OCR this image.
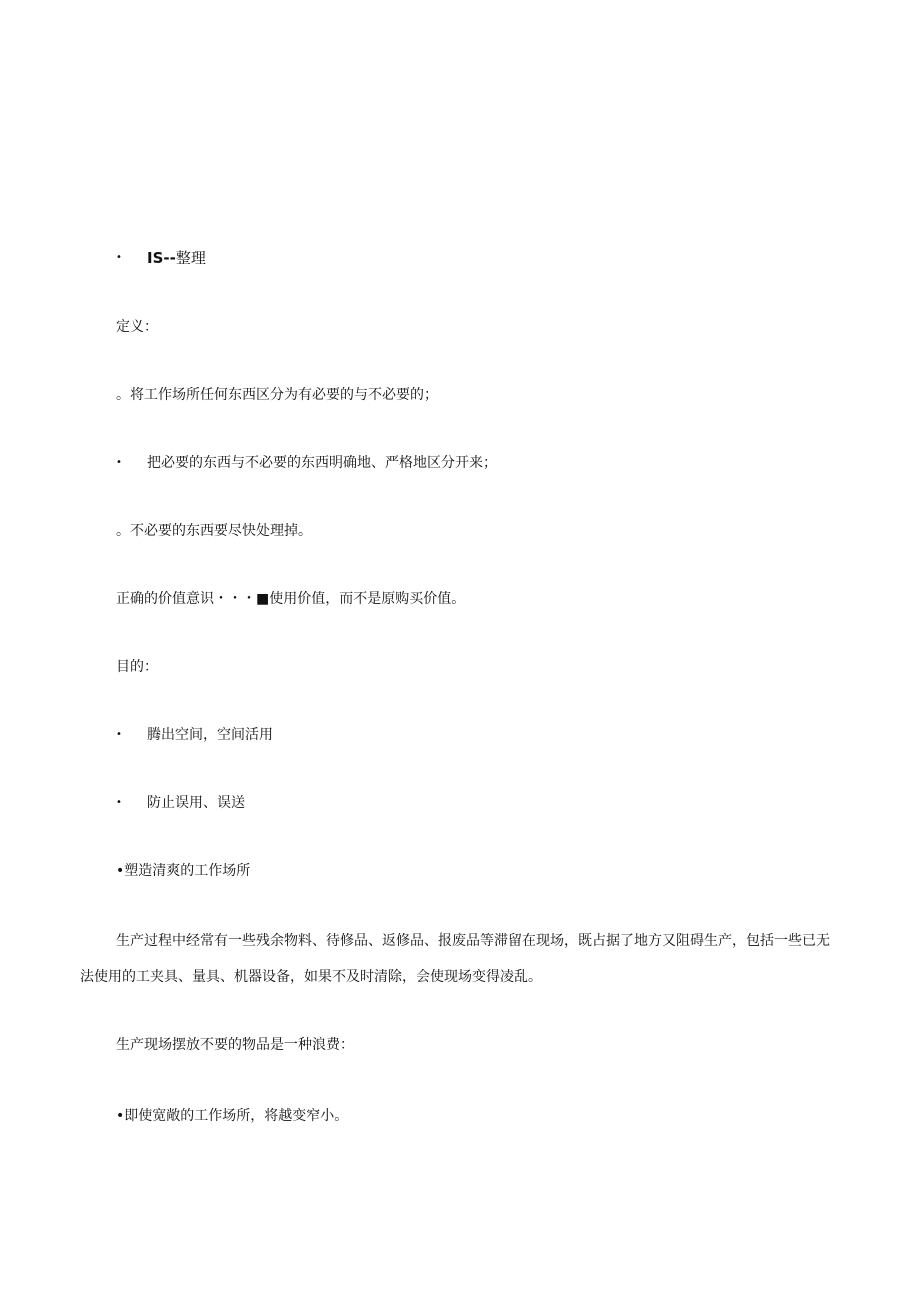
• IS--整理
定义：
。将工作场所任何东西区分为有必要的与不必要的；
• 把必要的东西与不必要的东西明确地、严格地区分开来；
。不必要的东西要尽快处理掉。
正确的价值意识・・・■使用价值，而不是原购买价值。
目的：
• 腾出空间，空间活用
• 防止误用、误送
•塑造清爽的工作场所
生产过程中经常有一些残余物料、待修品、返修品、报废品等滞留在现场，既占据了地方又阻碍生产，包括一些已无法使用的工夹具、量具、机器设备，如果不及时清除，会使现场变得凌乱。
生产现场摆放不要的物品是一种浪费：
•即使宽敞的工作场所，将越变窄小。
